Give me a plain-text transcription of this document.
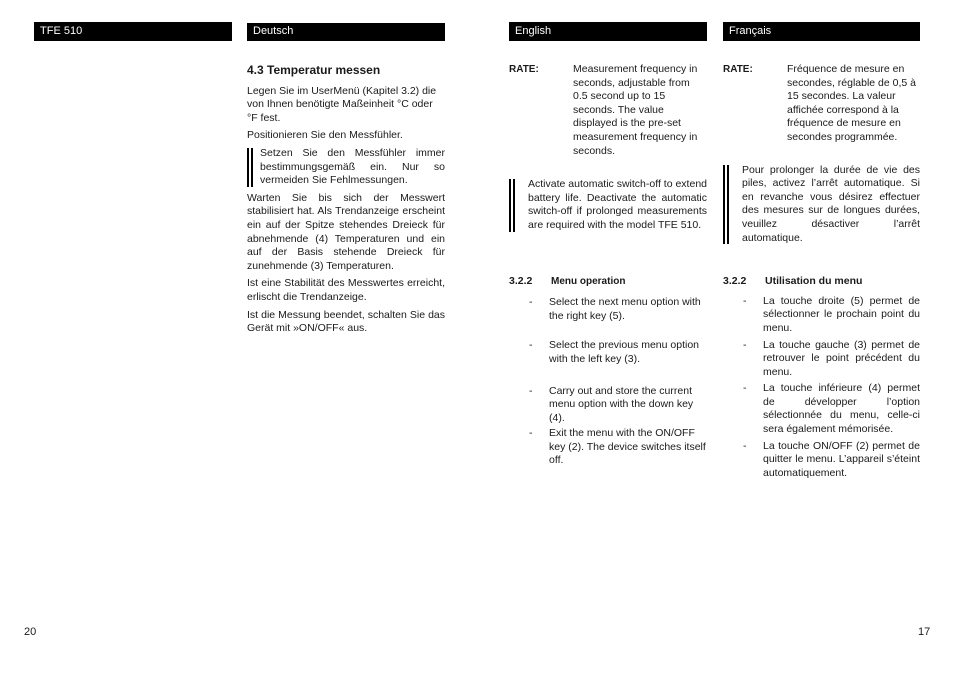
TFE 510	Deutsch	English	Français
4.3 Temperatur messen

Legen Sie im UserMenü (Kapitel 3.2) die von Ihnen benötigte Maßeinheit °C oder °F fest.

Positionieren Sie den Messfühler.

Setzen Sie den Messfühler immer bestimmungsgemäß ein. Nur so vermeiden Sie Fehlmessungen.

Warten Sie bis sich der Messwert stabilisiert hat. Als Trendanzeige erscheint ein auf der Spitze stehendes Dreieck für abnehmende (4) Temperaturen und ein auf der Basis stehende Dreieck für zunehmende (3) Temperaturen.

Ist eine Stabilität des Messwertes erreicht, erlischt die Trendanzeige.

Ist die Messung beendet, schalten Sie das Gerät mit »ON/OFF« aus.

RATE:	Measurement frequency in seconds, adjustable from 0.5 second up to 15 seconds. The value displayed is the pre-set measurement frequency in seconds.
Activate automatic switch-off to extend battery life. Deactivate the automatic switch-off if prolonged measurements are required with the model TFE 510.
3.2.2	Menu operation
-	Select the next menu option with the right key (5).
-	Select the previous menu option with the left key (3).
-	Carry out and store the current menu option with the down key (4).
-	Exit the menu with the ON/OFF key (2). The device switches itself off.
RATE:	Fréquence de mesure en secondes, réglable de 0,5 à 15 secondes. La valeur affichée correspond à la fréquence de mesure en secondes programmée.
Pour prolonger la durée de vie des piles, activez l’arrêt automatique. Si en revanche vous désirez effectuer des mesures sur de longues durées, veuillez désactiver l’arrêt automatique.
3.2.2	Utilisation du menu
-	La touche droite (5) permet de sélectionner le prochain point du menu.
-	La touche gauche (3) permet de retrouver le point précédent du menu.
-	La touche inférieure (4) permet de développer l’option sélectionnée du menu, celle-ci sera également mémorisée.
-	La touche ON/OFF (2) permet de quitter le menu. L’appareil s’éteint automatiquement.
20	17
